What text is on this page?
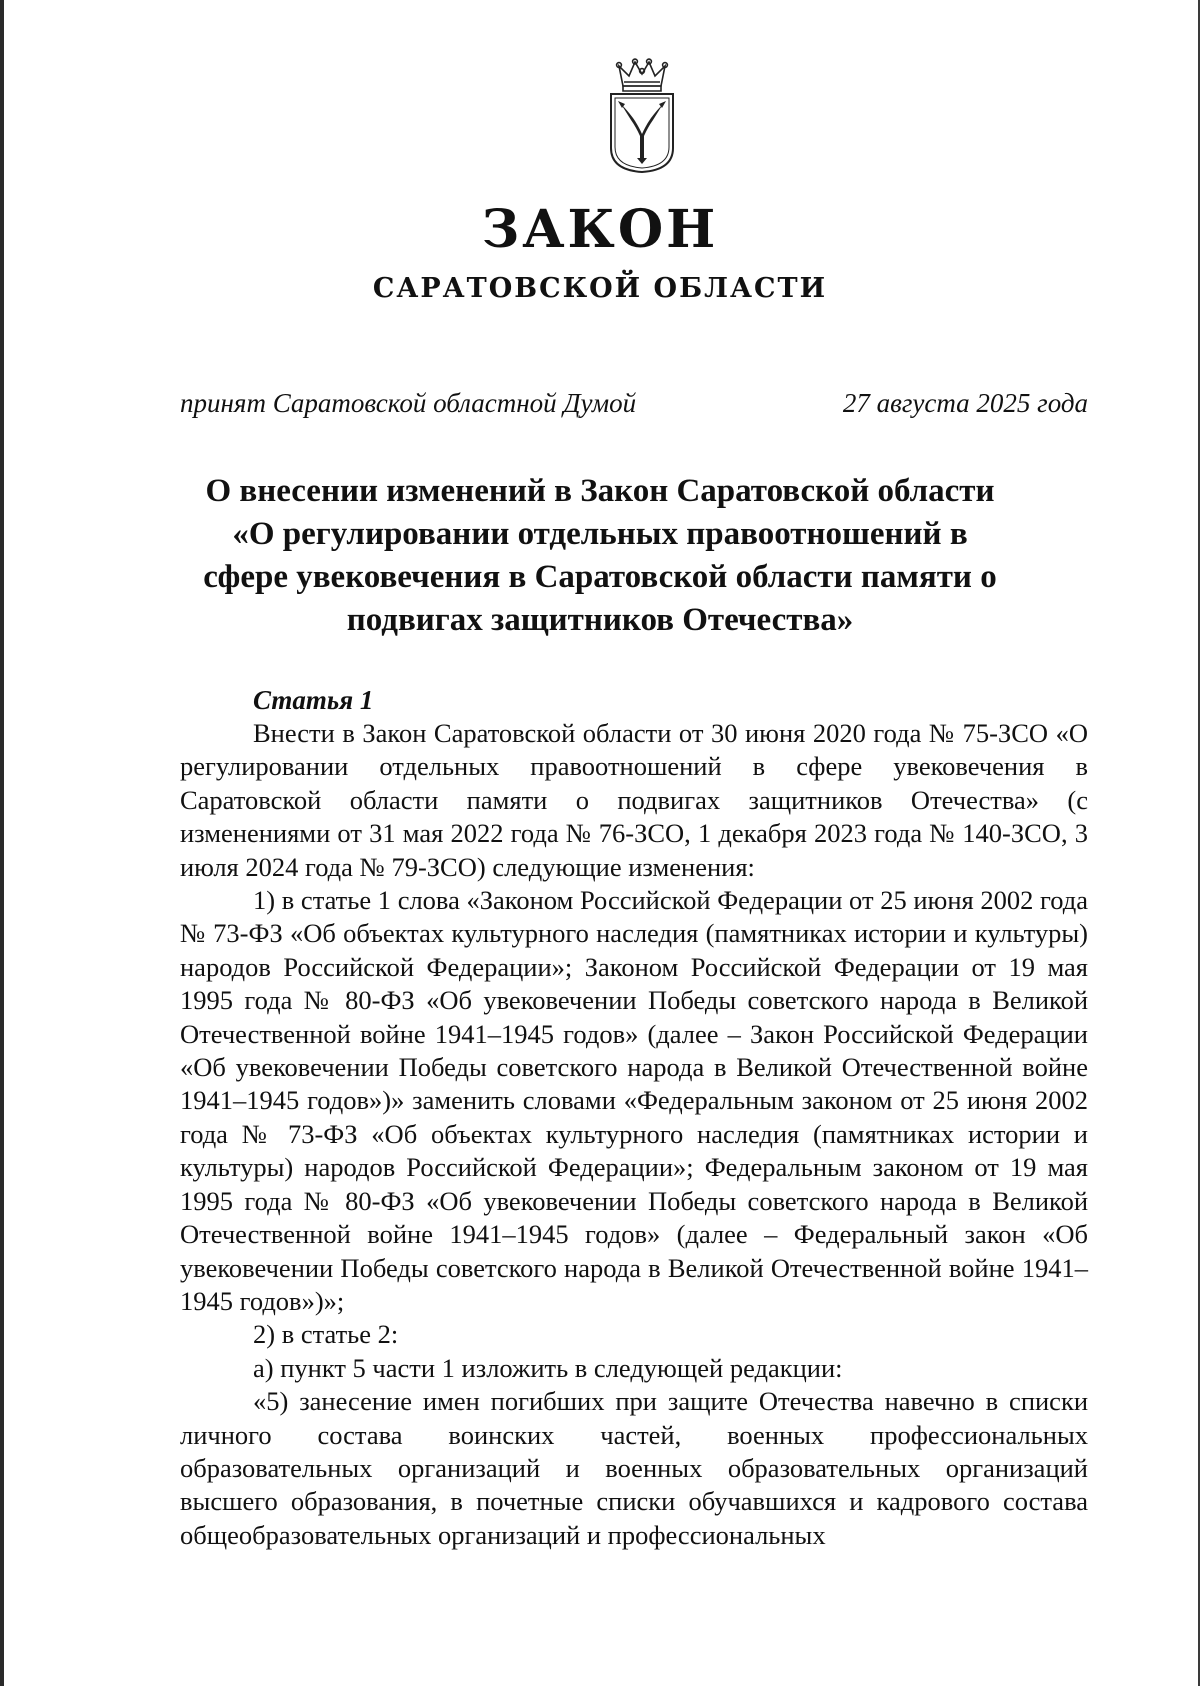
ЗАКОН
САРАТОВСКОЙ ОБЛАСТИ
принят Саратовской областной Думой	27 августа 2025 года
О внесении изменений в Закон Саратовской области
«О регулировании отдельных правоотношений в
сфере увековечения в Саратовской области памяти о
подвигах защитников Отечества»
Статья 1

Внести в Закон Саратовской области от 30 июня 2020 года № 75-ЗСО «О регулировании отдельных правоотношений в сфере увековечения в Саратовской области памяти о подвигах защитников Отечества» (с изменениями от 31 мая 2022 года № 76-ЗСО, 1 декабря 2023 года № 140-ЗСО, 3 июля 2024 года № 79-ЗСО) следующие изменения:

1) в статье 1 слова «Законом Российской Федерации от 25 июня 2002 года № 73-ФЗ «Об объектах культурного наследия (памятниках истории и культуры) народов Российской Федерации»; Законом Российской Федерации от 19 мая 1995 года № 80-ФЗ «Об увековечении Победы советского народа в Великой Отечественной войне 1941–1945 годов» (далее – Закон Российской Федерации «Об увековечении Победы советского народа в Великой Отечественной войне 1941–1945 годов»)» заменить словами «Федеральным законом от 25 июня 2002 года № 73-ФЗ «Об объектах культурного наследия (памятниках истории и культуры) народов Российской Федерации»; Федеральным законом от 19 мая 1995 года № 80-ФЗ «Об увековечении Победы советского народа в Великой Отечественной войне 1941–1945 годов» (далее – Федеральный закон «Об увековечении Победы советского народа в Великой Отечественной войне 1941–1945 годов»)»;

2) в статье 2:

а) пункт 5 части 1 изложить в следующей редакции:

«5) занесение имен погибших при защите Отечества навечно в списки личного состава воинских частей, военных профессиональных образовательных организаций и военных образовательных организаций высшего образования, в почетные списки обучавшихся и кадрового состава общеобразовательных организаций и профессиональных
